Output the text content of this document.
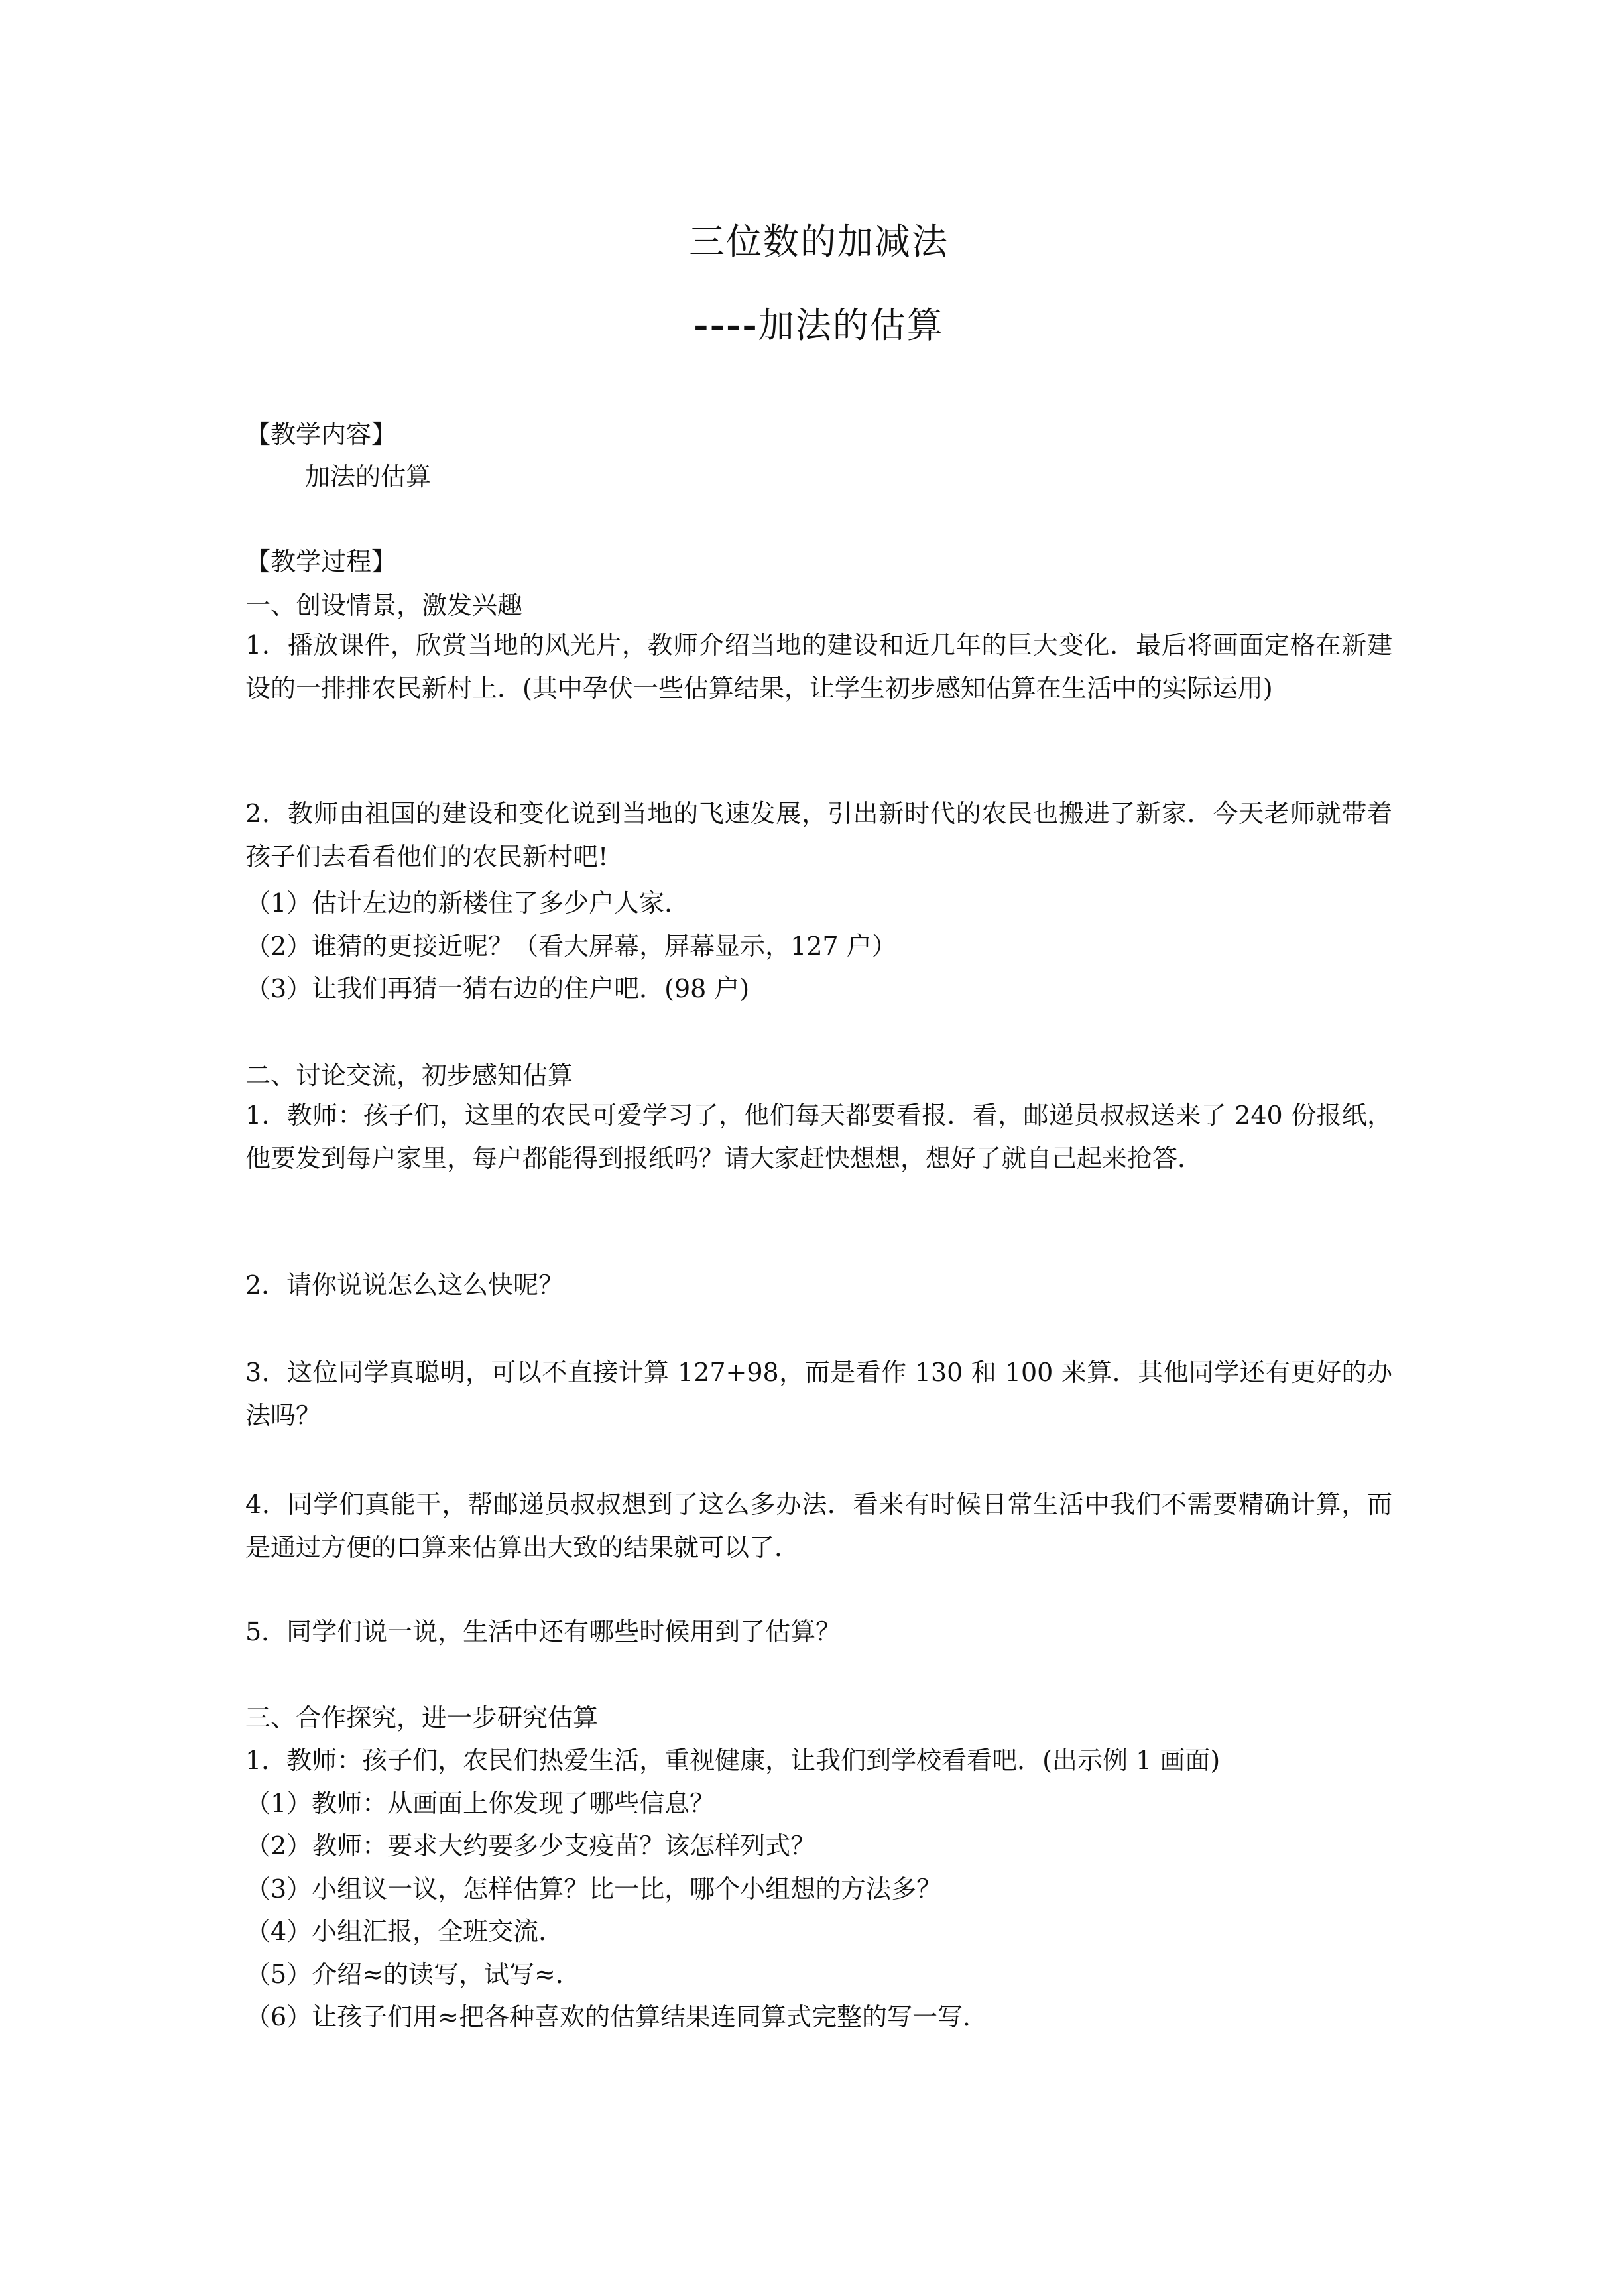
三位数的加减法
----加法的估算

【教学内容】

加法的估算

【教学过程】

一、创设情景，激发兴趣

1．播放课件，欣赏当地的风光片，教师介绍当地的建设和近几年的巨大变化．最后将画面定格在新建设的一排排农民新村上．(其中孕伏一些估算结果，让学生初步感知估算在生活中的实际运用)

2．教师由祖国的建设和变化说到当地的飞速发展，引出新时代的农民也搬进了新家．今天老师就带着孩子们去看看他们的农民新村吧!

（1）估计左边的新楼住了多少户人家．

（2）谁猜的更接近呢？（看大屏幕，屏幕显示，127 户）

（3）让我们再猜一猜右边的住户吧．(98 户)

二、讨论交流，初步感知估算

1．教师：孩子们，这里的农民可爱学习了，他们每天都要看报．看，邮递员叔叔送来了 240 份报纸，他要发到每户家里，每户都能得到报纸吗？请大家赶快想想，想好了就自己起来抢答．

2．请你说说怎么这么快呢？

3．这位同学真聪明，可以不直接计算 127+98，而是看作 130 和 100 来算．其他同学还有更好的办法吗？

4．同学们真能干，帮邮递员叔叔想到了这么多办法．看来有时候日常生活中我们不需要精确计算，而是通过方便的口算来估算出大致的结果就可以了．

5．同学们说一说，生活中还有哪些时候用到了估算？

三、合作探究，进一步研究估算

1．教师：孩子们，农民们热爱生活，重视健康，让我们到学校看看吧．(出示例 1 画面)

（1）教师：从画面上你发现了哪些信息？

（2）教师：要求大约要多少支疫苗？该怎样列式？

（3）小组议一议，怎样估算？比一比，哪个小组想的方法多？

（4）小组汇报，全班交流．

（5）介绍≈的读写，试写≈．

（6）让孩子们用≈把各种喜欢的估算结果连同算式完整的写一写．
